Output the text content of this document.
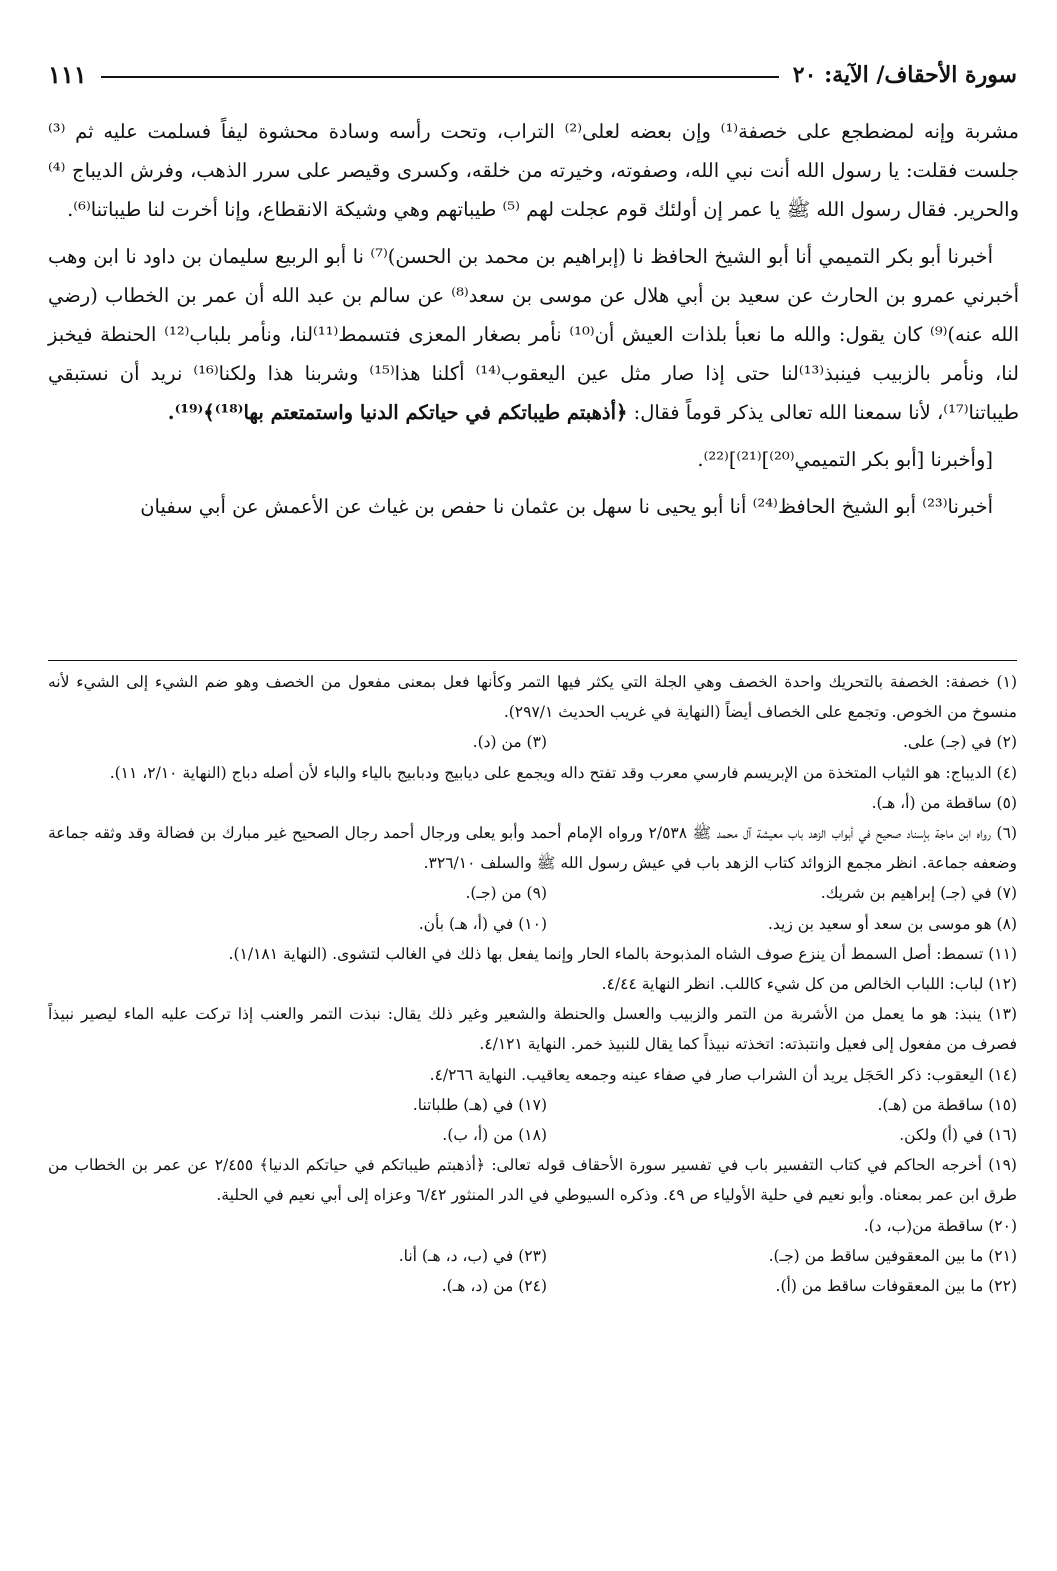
سورة الأحقاف/ الآية: ٢٠
١١١

مشربة وإنه لمضطجع على خصفة⁽¹⁾ وإن بعضه لعلى⁽²⁾ التراب، وتحت رأسه وسادة محشوة ليفاً فسلمت عليه ثم ⁽³⁾ جلست فقلت: يا رسول الله أنت نبي الله، وصفوته، وخيرته من خلقه، وكسرى وقيصر على سرر الذهب، وفرش الديباج ⁽⁴⁾ والحرير. فقال رسول الله ﷺ يا عمر إن أولئك قوم عجلت لهم ⁽⁵⁾ طيباتهم وهي وشيكة الانقطاع، وإنا أخرت لنا طيباتنا⁽⁶⁾.

أخبرنا أبو بكر التميمي أنا أبو الشيخ الحافظ نا (إبراهيم بن محمد بن الحسن)⁽⁷⁾ نا أبو الربيع سليمان بن داود نا ابن وهب أخبرني عمرو بن الحارث عن سعيد بن أبي هلال عن موسى بن سعد⁽⁸⁾ عن سالم بن عبد الله أن عمر بن الخطاب (رضي الله عنه)⁽⁹⁾ كان يقول: والله ما نعبأ بلذات العيش أن⁽¹⁰⁾ نأمر بصغار المعزى فتسمط⁽¹¹⁾لنا، ونأمر بلباب⁽¹²⁾ الحنطة فيخبز لنا، ونأمر بالزبيب فينبذ⁽¹³⁾لنا حتى إذا صار مثل عين اليعقوب⁽¹⁴⁾ أكلنا هذا⁽¹⁵⁾ وشربنا هذا ولكنا⁽¹⁶⁾ نريد أن نستبقي طيباتنا⁽¹⁷⁾، لأنا سمعنا الله تعالى يذكر قوماً فقال: ﴿أذهبتم طيباتكم في حياتكم الدنيا واستمتعتم بها⁽¹⁸⁾﴾⁽¹⁹⁾.

[وأخبرنا [أبو بكر التميمي⁽²⁰⁾]⁽²¹⁾]⁽²²⁾.

أخبرنا⁽²³⁾ أبو الشيخ الحافظ⁽²⁴⁾ أنا أبو يحيى نا سهل بن عثمان نا حفص بن غياث عن الأعمش عن أبي سفيان

(١) خصفة: الخصفة بالتحريك واحدة الخصف وهي الجلة التي يكثر فيها التمر وكأنها فعل بمعنى مفعول من الخصف وهو ضم الشيء إلى الشيء لأنه منسوخ من الخوص. وتجمع على الخصاف أيضاً (النهاية في غريب الحديث ٢٩٧/١).

(٢) في (جـ) على.
(٣) من (د).

(٤) الديباج: هو الثياب المتخذة من الإبريسم فارسي معرب وقد تفتح داله ويجمع على ديابيج ودبابيج بالياء والباء لأن أصله دباج (النهاية ٢/١٠، ١١).

(٥) ساقطة من (أ، هـ).

(٦) رواه ابن ماجة بإسناد صحيح في أبواب الزهد باب معيشة آل محمد ﷺ ٢/٥٣٨ ورواه الإمام أحمد وأبو يعلى ورجال أحمد رجال الصحيح غير مبارك بن فضالة وقد وثقه جماعة وضعفه جماعة. انظر مجمع الزوائد كتاب الزهد باب في عيش رسول الله ﷺ والسلف ٣٢٦/١٠.

(٧) في (جـ) إبراهيم بن شريك.
(٩) من (جـ).
(٨) هو موسى بن سعد أو سعيد بن زيد.
(١٠) في (أ، هـ) بأن.

(١١) تسمط: أصل السمط أن ينزع صوف الشاه المذبوحة بالماء الحار وإنما يفعل بها ذلك في الغالب لتشوى. (النهاية ١/١٨١).

(١٢) لباب: اللباب الخالص من كل شيء كاللب. انظر النهاية ٤/٤٤.

(١٣) ينبذ: هو ما يعمل من الأشربة من التمر والزبيب والعسل والحنطة والشعير وغير ذلك يقال: نبذت التمر والعنب إذا تركت عليه الماء ليصير نبيذاً فصرف من مفعول إلى فعيل وانتبذته: اتخذته نبيذاً كما يقال للنبيذ خمر. النهاية ٤/١٢١.

(١٤) اليعقوب: ذكر الحَجَل يريد أن الشراب صار في صفاء عينه وجمعه يعاقيب. النهاية ٤/٢٦٦.

(١٥) ساقطة من (هـ).
(١٧) في (هـ) طلباتنا.
(١٦) في (أ) ولكن.
(١٨) من (أ، ب).

(١٩) أخرجه الحاكم في كتاب التفسير باب في تفسير سورة الأحقاف قوله تعالى: ﴿أذهبتم طيباتكم في حياتكم الدنيا﴾ ٢/٤٥٥ عن عمر بن الخطاب من طرق ابن عمر بمعناه. وأبو نعيم في حلية الأولياء ص ٤٩. وذكره السيوطي في الدر المنثور ٦/٤٢ وعزاه إلى أبي نعيم في الحلية.

(٢٠) ساقطة من(ب، د).

(٢١) ما بين المعقوفين ساقط من (جـ).
(٢٣) في (ب، د، هـ) أنا.
(٢٢) ما بين المعقوفات ساقط من (أ).
(٢٤) من (د، هـ).
